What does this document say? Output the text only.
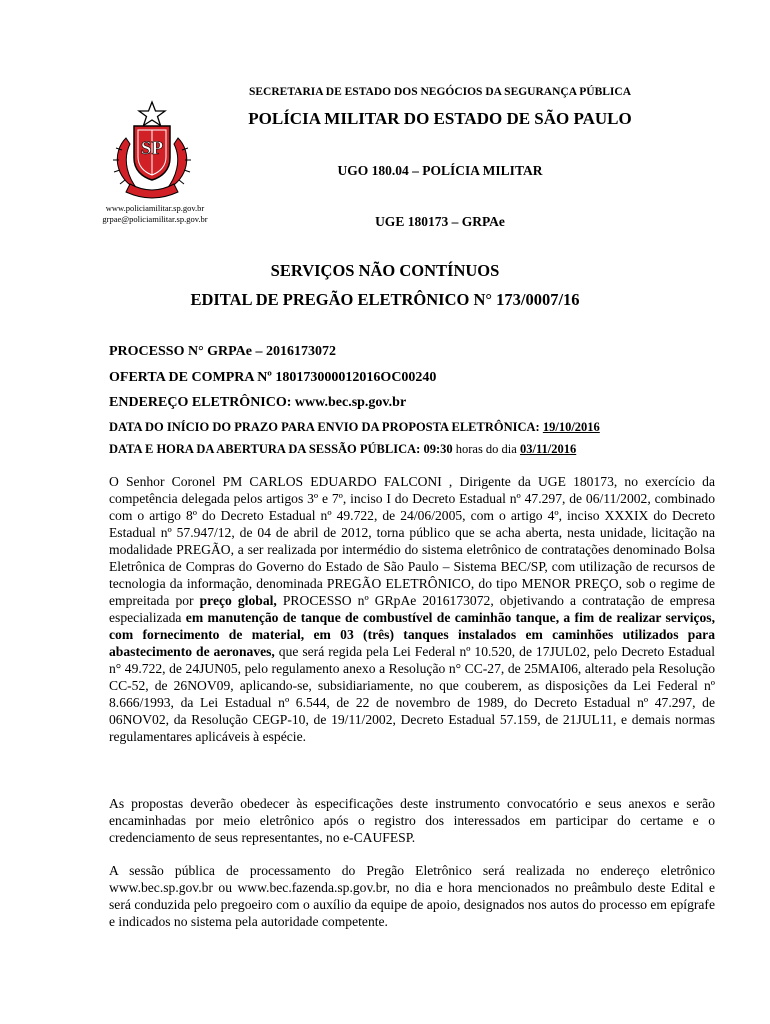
SP
www.policiamilitar.sp.gov.br
grpae@policiamilitar.sp.gov.br
SECRETARIA DE ESTADO DOS NEGÓCIOS DA SEGURANÇA PÚBLICA
POLÍCIA MILITAR DO ESTADO DE SÃO PAULO
UGO 180.04 – POLÍCIA MILITAR
UGE 180173 – GRPAe
SERVIÇOS NÃO CONTÍNUOS
EDITAL DE PREGÃO ELETRÔNICO N° 173/0007/16
PROCESSO N° GRPAe – 2016173072
OFERTA DE COMPRA Nº 180173000012016OC00240
ENDEREÇO ELETRÔNICO: www.bec.sp.gov.br
DATA DO INÍCIO DO PRAZO PARA ENVIO DA PROPOSTA ELETRÔNICA: 19/10/2016
DATA E HORA DA ABERTURA DA SESSÃO PÚBLICA: 09:30 horas do dia 03/11/2016

O Senhor Coronel PM CARLOS EDUARDO FALCONI , Dirigente da UGE 180173, no exercício da competência delegada pelos artigos 3º e 7º, inciso I do Decreto Estadual nº 47.297, de 06/11/2002, combinado com o artigo 8º do Decreto Estadual nº 49.722, de 24/06/2005, com o artigo 4º, inciso XXXIX do Decreto Estadual nº 57.947/12, de 04 de abril de 2012, torna público que se acha aberta, nesta unidade, licitação na modalidade PREGÃO, a ser realizada por intermédio do sistema eletrônico de contratações denominado Bolsa Eletrônica de Compras do Governo do Estado de São Paulo – Sistema BEC/SP, com utilização de recursos de tecnologia da informação, denominada PREGÃO ELETRÔNICO, do tipo MENOR PREÇO, sob o regime de empreitada por preço global, PROCESSO nº GRpAe 2016173072, objetivando a contratação de empresa especializada em manutenção de tanque de combustível de caminhão tanque, a fim de realizar serviços, com fornecimento de material, em 03 (três) tanques instalados em caminhões utilizados para abastecimento de aeronaves, que será regida pela Lei Federal nº 10.520, de 17JUL02, pelo Decreto Estadual n° 49.722, de 24JUN05, pelo regulamento anexo a Resolução n° CC-27, de 25MAI06, alterado pela Resolução CC-52, de 26NOV09, aplicando-se, subsidiariamente, no que couberem, as disposições da Lei Federal nº 8.666/1993, da Lei Estadual nº 6.544, de 22 de novembro de 1989, do Decreto Estadual nº 47.297, de 06NOV02, da Resolução CEGP-10, de 19/11/2002, Decreto Estadual 57.159, de 21JUL11, e demais normas regulamentares aplicáveis à espécie.

As propostas deverão obedecer às especificações deste instrumento convocatório e seus anexos e serão encaminhadas por meio eletrônico após o registro dos interessados em participar do certame e o credenciamento de seus representantes, no e-CAUFESP.

A sessão pública de processamento do Pregão Eletrônico será realizada no endereço eletrônico www.bec.sp.gov.br ou www.bec.fazenda.sp.gov.br, no dia e hora mencionados no preâmbulo deste Edital e será conduzida pelo pregoeiro com o auxílio da equipe de apoio, designados nos autos do processo em epígrafe e indicados no sistema pela autoridade competente.
